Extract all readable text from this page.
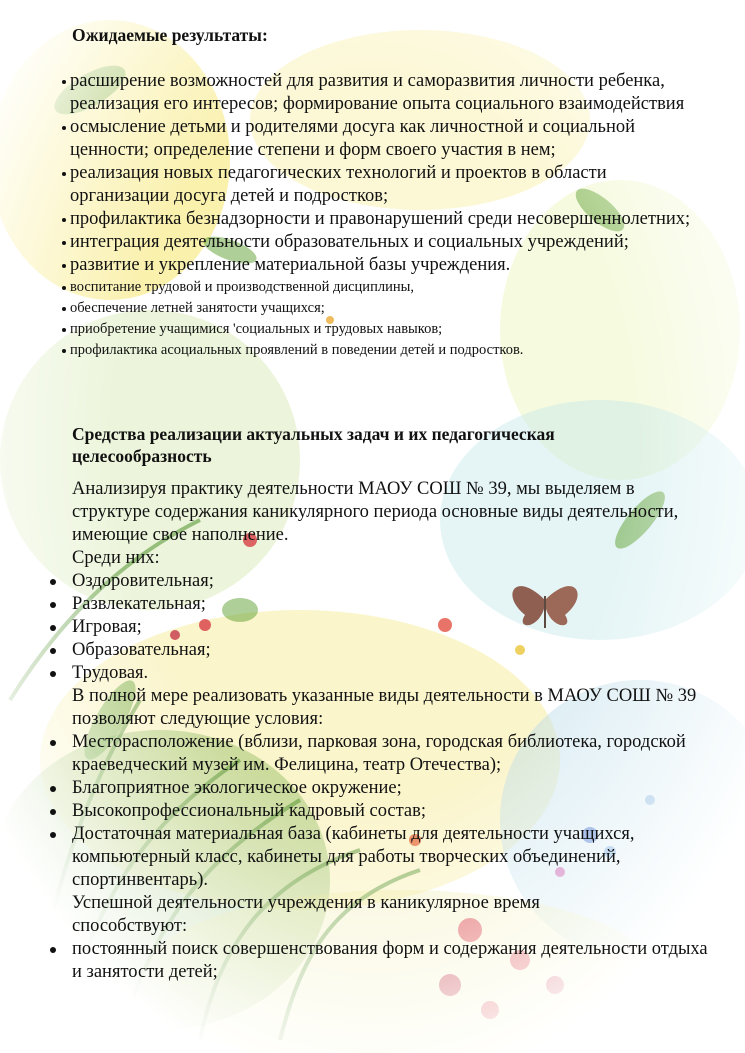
Ожидаемые результаты:
расширение возможностей для развития и саморазвития личности ребенка, реализация его интересов; формирование опыта социального взаимодействия
осмысление детьми и родителями досуга как личностной и социальной ценности; определение степени и форм своего участия в нем;
реализация новых педагогических технологий и проектов в области организации досуга детей и подростков;
профилактика безнадзорности и правонарушений среди несовершеннолетних;
интеграция деятельности образовательных и социальных учреждений;
развитие и укрепление материальной базы учреждения.
воспитание трудовой и производственной дисциплины,
обеспечение летней занятости учащихся;
приобретение учащимися 'социальных и трудовых навыков;
профилактика асоциальных проявлений в поведении детей и подростков.
Средства реализации актуальных задач и их педагогическая целесообразность

Анализируя практику деятельности МАОУ СОШ № 39, мы выделяем в структуре содержания каникулярного периода основные виды деятельности, имеющие свое наполнение.

Среди них:

Оздоровительная;
Развлекательная;
Игровая;
Образовательная;
Трудовая.

В полной мере реализовать указанные виды деятельности в МАОУ СОШ № 39 позволяют следующие условия:

Месторасположение (вблизи, парковая зона, городская библиотека, городской краеведческий музей им. Фелицина, театр Отечества);
Благоприятное экологическое окружение;
Высокопрофессиональный кадровый состав;
Достаточная материальная база (кабинеты для деятельности учащихся, компьютерный класс, кабинеты для работы творческих объединений, спортинвентарь).

Успешной деятельности учреждения в каникулярное время способствуют:

постоянный поиск совершенствования форм и содержания деятельности отдыха и занятости детей;
